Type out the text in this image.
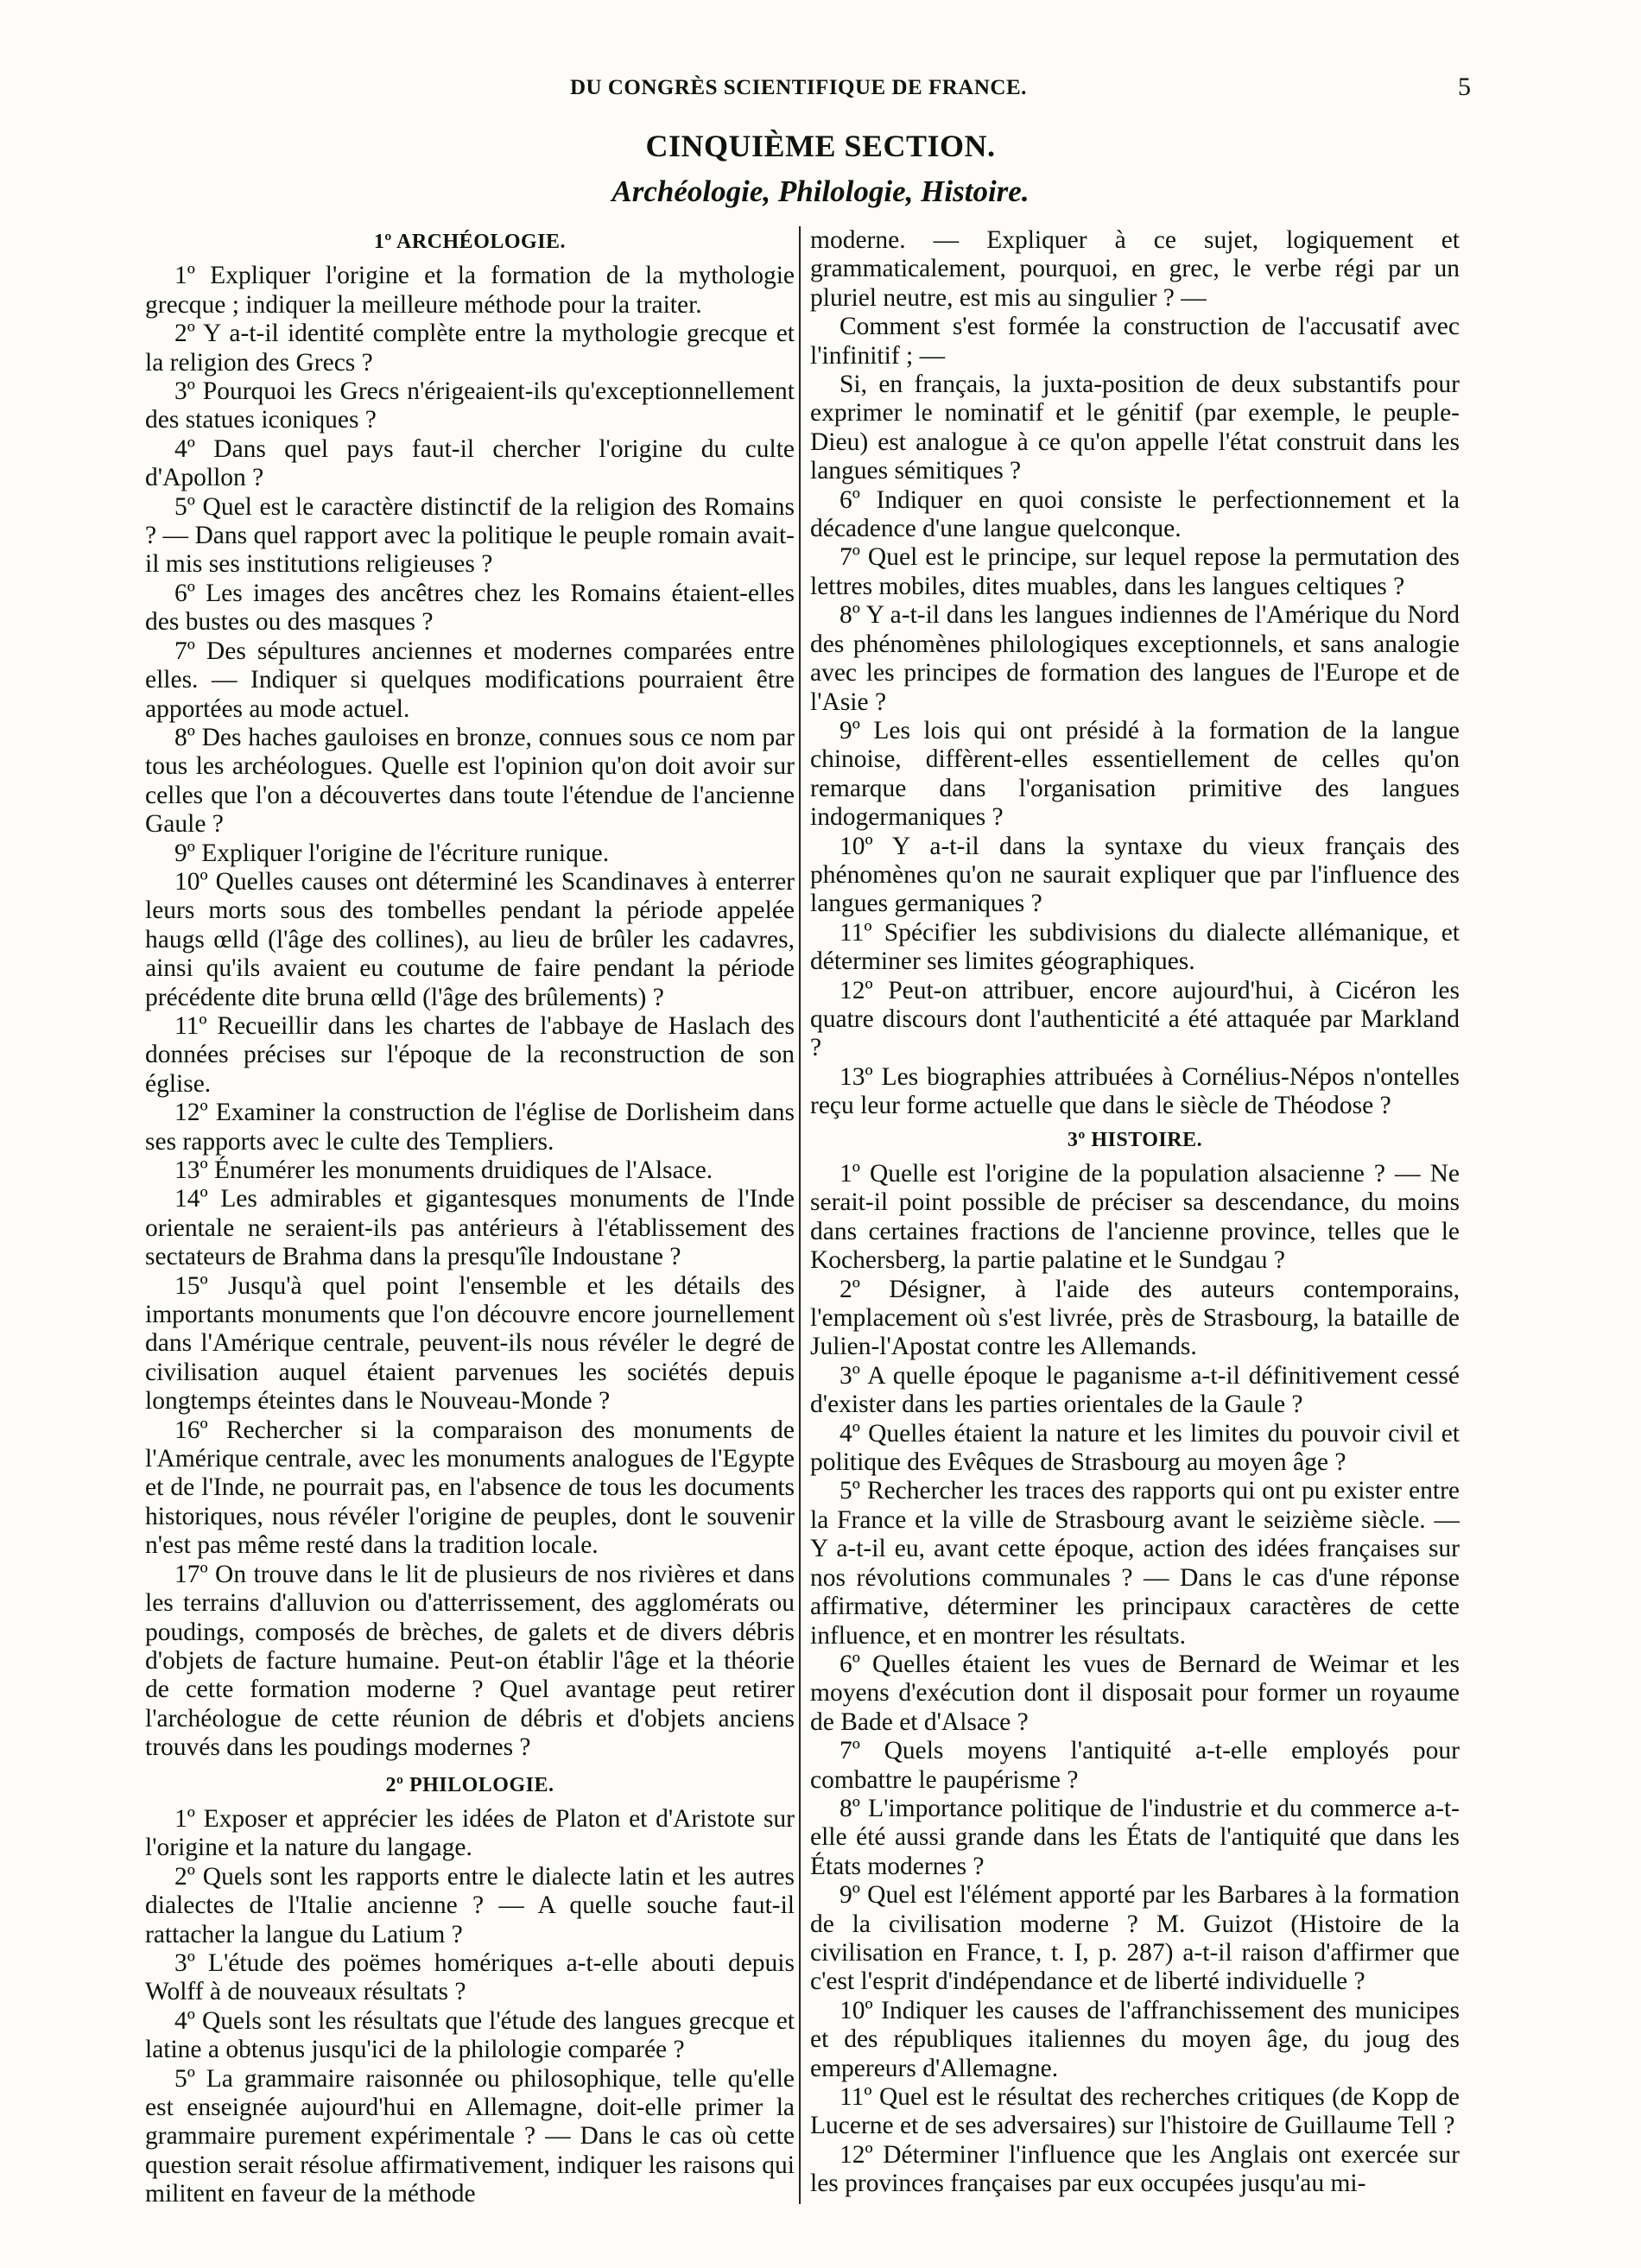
DU CONGRÈS SCIENTIFIQUE DE FRANCE.	5
CINQUIÈME SECTION.
Archéologie, Philologie, Histoire.
1º ARCHÉOLOGIE.

1º Expliquer l'origine et la formation de la mythologie grecque ; indiquer la meilleure méthode pour la traiter.

2º Y a-t-il identité complète entre la mythologie grecque et la religion des Grecs ?

3º Pourquoi les Grecs n'érigeaient-ils qu'exceptionnellement des statues iconiques ?

4º Dans quel pays faut-il chercher l'origine du culte d'Apollon ?

5º Quel est le caractère distinctif de la religion des Romains ? — Dans quel rapport avec la politique le peuple romain avait-il mis ses institutions religieuses ?

6º Les images des ancêtres chez les Romains étaient-elles des bustes ou des masques ?

7º Des sépultures anciennes et modernes comparées entre elles. — Indiquer si quelques modifications pourraient être apportées au mode actuel.

8º Des haches gauloises en bronze, connues sous ce nom par tous les archéologues. Quelle est l'opinion qu'on doit avoir sur celles que l'on a découvertes dans toute l'étendue de l'ancienne Gaule ?

9º Expliquer l'origine de l'écriture runique.

10º Quelles causes ont déterminé les Scandinaves à enterrer leurs morts sous des tombelles pendant la période appelée haugs œlld (l'âge des collines), au lieu de brûler les cadavres, ainsi qu'ils avaient eu coutume de faire pendant la période précédente dite bruna œlld (l'âge des brûlements) ?

11º Recueillir dans les chartes de l'abbaye de Haslach des données précises sur l'époque de la reconstruction de son église.

12º Examiner la construction de l'église de Dorlisheim dans ses rapports avec le culte des Templiers.

13º Énumérer les monuments druidiques de l'Alsace.

14º Les admirables et gigantesques monuments de l'Inde orientale ne seraient-ils pas antérieurs à l'établissement des sectateurs de Brahma dans la presqu'île Indoustane ?

15º Jusqu'à quel point l'ensemble et les détails des importants monuments que l'on découvre encore journellement dans l'Amérique centrale, peuvent-ils nous révéler le degré de civilisation auquel étaient parvenues les sociétés depuis longtemps éteintes dans le Nouveau-Monde ?

16º Rechercher si la comparaison des monuments de l'Amérique centrale, avec les monuments analogues de l'Egypte et de l'Inde, ne pourrait pas, en l'absence de tous les documents historiques, nous révéler l'origine de peuples, dont le souvenir n'est pas même resté dans la tradition locale.

17º On trouve dans le lit de plusieurs de nos rivières et dans les terrains d'alluvion ou d'atterrissement, des agglomérats ou poudings, composés de brèches, de galets et de divers débris d'objets de facture humaine. Peut-on établir l'âge et la théorie de cette formation moderne ? Quel avantage peut retirer l'archéologue de cette réunion de débris et d'objets anciens trouvés dans les poudings modernes ?

2º PHILOLOGIE.

1º Exposer et apprécier les idées de Platon et d'Aristote sur l'origine et la nature du langage.

2º Quels sont les rapports entre le dialecte latin et les autres dialectes de l'Italie ancienne ? — A quelle souche faut-il rattacher la langue du Latium ?

3º L'étude des poëmes homériques a-t-elle abouti depuis Wolff à de nouveaux résultats ?

4º Quels sont les résultats que l'étude des langues grecque et latine a obtenus jusqu'ici de la philologie comparée ?

5º La grammaire raisonnée ou philosophique, telle qu'elle est enseignée aujourd'hui en Allemagne, doit-elle primer la grammaire purement expérimentale ? — Dans le cas où cette question serait résolue affirmativement, indiquer les raisons qui militent en faveur de la méthode

moderne. — Expliquer à ce sujet, logiquement et grammaticalement, pourquoi, en grec, le verbe régi par un pluriel neutre, est mis au singulier ? —

Comment s'est formée la construction de l'accusatif avec l'infinitif ; —

Si, en français, la juxta-position de deux substantifs pour exprimer le nominatif et le génitif (par exemple, le peuple-Dieu) est analogue à ce qu'on appelle l'état construit dans les langues sémitiques ?

6º Indiquer en quoi consiste le perfectionnement et la décadence d'une langue quelconque.

7º Quel est le principe, sur lequel repose la permutation des lettres mobiles, dites muables, dans les langues celtiques ?

8º Y a-t-il dans les langues indiennes de l'Amérique du Nord des phénomènes philologiques exceptionnels, et sans analogie avec les principes de formation des langues de l'Europe et de l'Asie ?

9º Les lois qui ont présidé à la formation de la langue chinoise, diffèrent-elles essentiellement de celles qu'on remarque dans l'organisation primitive des langues indogermaniques ?

10º Y a-t-il dans la syntaxe du vieux français des phénomènes qu'on ne saurait expliquer que par l'influence des langues germaniques ?

11º Spécifier les subdivisions du dialecte allémanique, et déterminer ses limites géographiques.

12º Peut-on attribuer, encore aujourd'hui, à Cicéron les quatre discours dont l'authenticité a été attaquée par Markland ?

13º Les biographies attribuées à Cornélius-Népos n'ontelles reçu leur forme actuelle que dans le siècle de Théodose ?

3º HISTOIRE.

1º Quelle est l'origine de la population alsacienne ? — Ne serait-il point possible de préciser sa descendance, du moins dans certaines fractions de l'ancienne province, telles que le Kochersberg, la partie palatine et le Sundgau ?

2º Désigner, à l'aide des auteurs contemporains, l'emplacement où s'est livrée, près de Strasbourg, la bataille de Julien-l'Apostat contre les Allemands.

3º A quelle époque le paganisme a-t-il définitivement cessé d'exister dans les parties orientales de la Gaule ?

4º Quelles étaient la nature et les limites du pouvoir civil et politique des Evêques de Strasbourg au moyen âge ?

5º Rechercher les traces des rapports qui ont pu exister entre la France et la ville de Strasbourg avant le seizième siècle. — Y a-t-il eu, avant cette époque, action des idées françaises sur nos révolutions communales ? — Dans le cas d'une réponse affirmative, déterminer les principaux caractères de cette influence, et en montrer les résultats.

6º Quelles étaient les vues de Bernard de Weimar et les moyens d'exécution dont il disposait pour former un royaume de Bade et d'Alsace ?

7º Quels moyens l'antiquité a-t-elle employés pour combattre le paupérisme ?

8º L'importance politique de l'industrie et du commerce a-t-elle été aussi grande dans les États de l'antiquité que dans les États modernes ?

9º Quel est l'élément apporté par les Barbares à la formation de la civilisation moderne ? M. Guizot (Histoire de la civilisation en France, t. I, p. 287) a-t-il raison d'affirmer que c'est l'esprit d'indépendance et de liberté individuelle ?

10º Indiquer les causes de l'affranchissement des municipes et des républiques italiennes du moyen âge, du joug des empereurs d'Allemagne.

11º Quel est le résultat des recherches critiques (de Kopp de Lucerne et de ses adversaires) sur l'histoire de Guillaume Tell ?

12º Déterminer l'influence que les Anglais ont exercée sur les provinces françaises par eux occupées jusqu'au mi-
